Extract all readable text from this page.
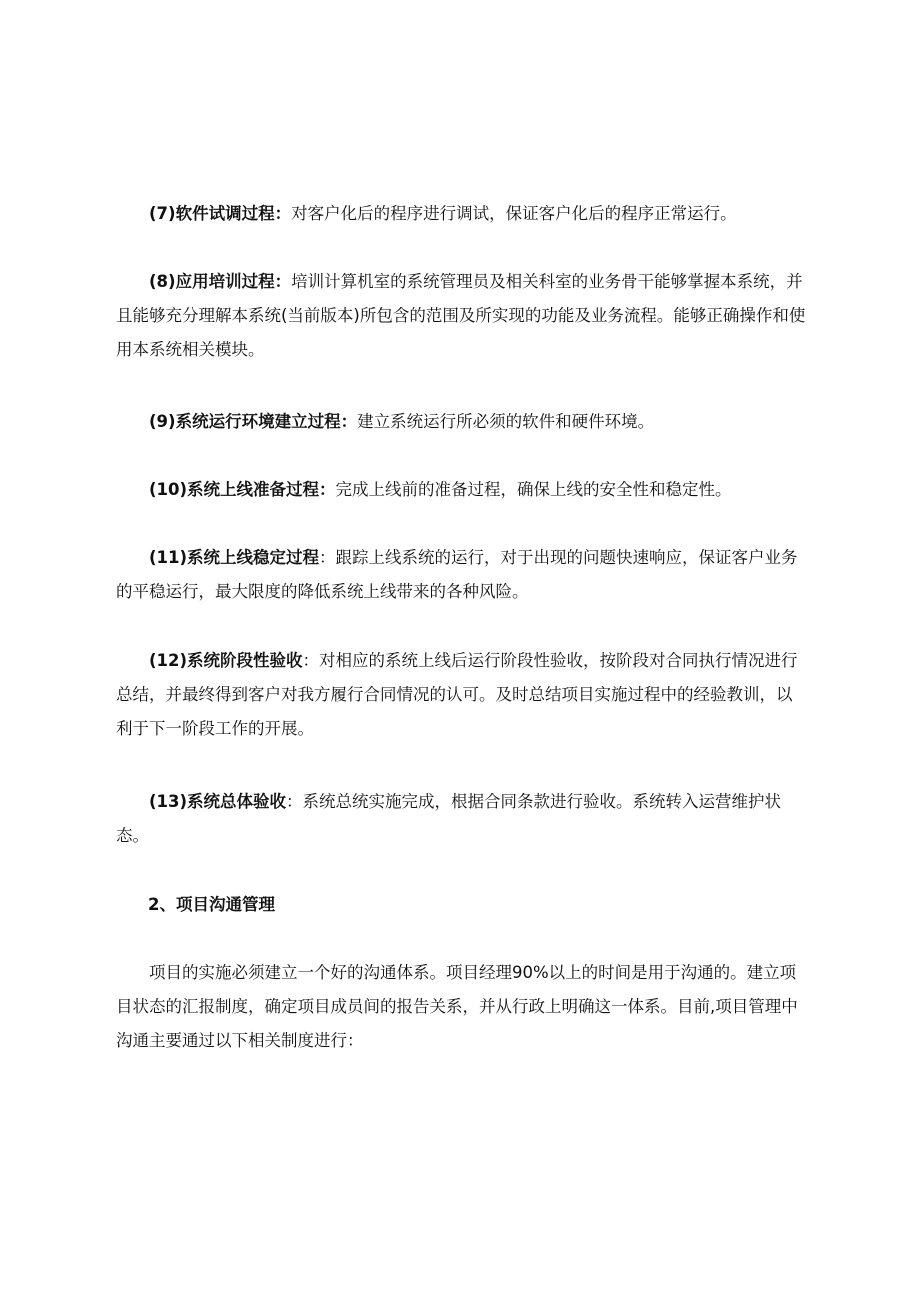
(7)软件试调过程：对客户化后的程序进行调试，保证客户化后的程序正常运行。

(8)应用培训过程：培训计算机室的系统管理员及相关科室的业务骨干能够掌握本系统，并且能够充分理解本系统(当前版本)所包含的范围及所实现的功能及业务流程。能够正确操作和使用本系统相关模块。

(9)系统运行环境建立过程：建立系统运行所必须的软件和硬件环境。

(10)系统上线准备过程：完成上线前的准备过程，确保上线的安全性和稳定性。

(11)系统上线稳定过程：跟踪上线系统的运行，对于出现的问题快速响应，保证客户业务的平稳运行，最大限度的降低系统上线带来的各种风险。

(12)系统阶段性验收：对相应的系统上线后运行阶段性验收，按阶段对合同执行情况进行总结，并最终得到客户对我方履行合同情况的认可。及时总结项目实施过程中的经验教训，以利于下一阶段工作的开展。

(13)系统总体验收：系统总统实施完成，根据合同条款进行验收。系统转入运营维护状态。

2、项目沟通管理

项目的实施必须建立一个好的沟通体系。项目经理90%以上的时间是用于沟通的。建立项目状态的汇报制度，确定项目成员间的报告关系，并从行政上明确这一体系。目前,项目管理中沟通主要通过以下相关制度进行：
